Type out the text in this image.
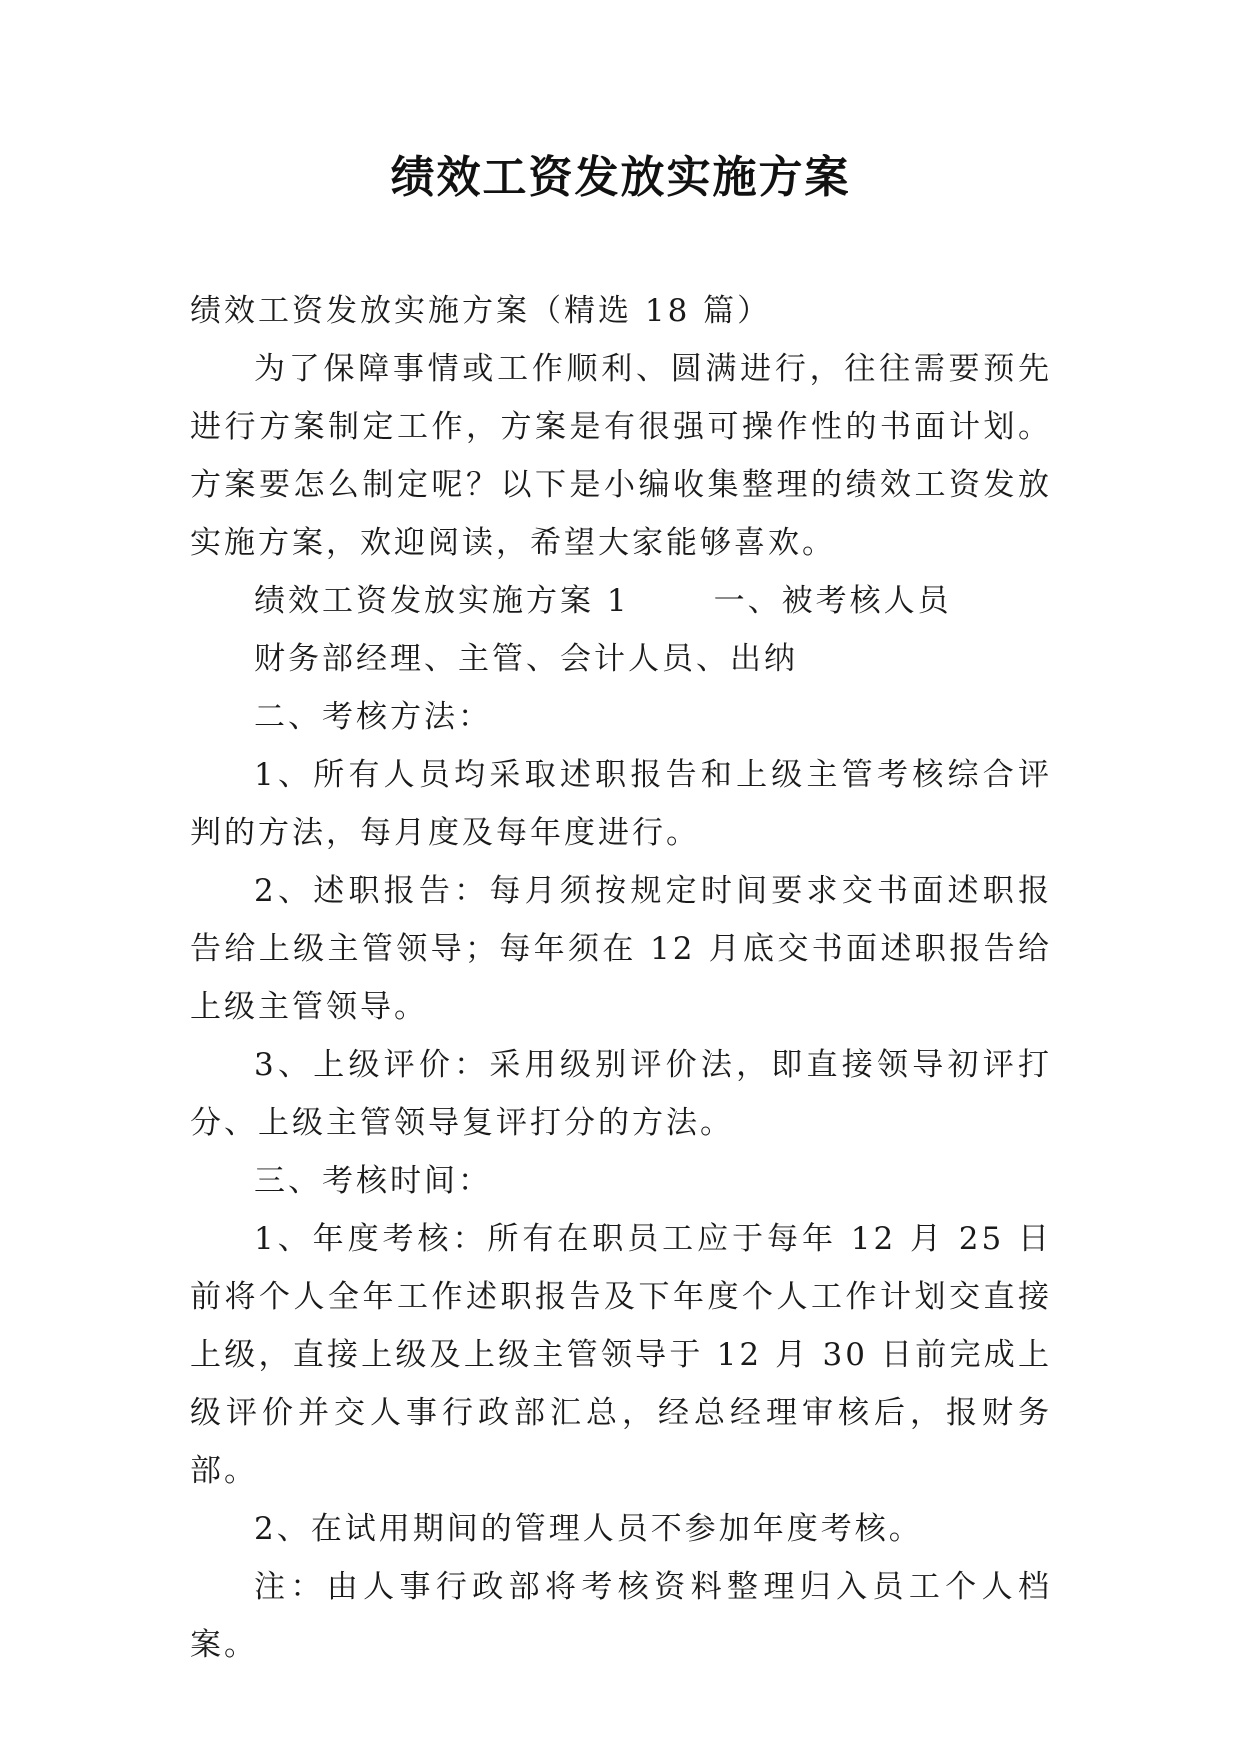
绩效工资发放实施方案

绩效工资发放实施方案（精选 18 篇）

为了保障事情或工作顺利、圆满进行，往往需要预先进行方案制定工作，方案是有很强可操作性的书面计划。方案要怎么制定呢？以下是小编收集整理的绩效工资发放实施方案，欢迎阅读，希望大家能够喜欢。

绩效工资发放实施方案 1	一、被考核人员

财务部经理、主管、会计人员、出纳

二、考核方法：

1、所有人员均采取述职报告和上级主管考核综合评判的方法，每月度及每年度进行。

2、述职报告：每月须按规定时间要求交书面述职报告给上级主管领导；每年须在 12 月底交书面述职报告给上级主管领导。

3、上级评价：采用级别评价法，即直接领导初评打分、上级主管领导复评打分的方法。

三、考核时间：

1、年度考核：所有在职员工应于每年 12 月 25 日前将个人全年工作述职报告及下年度个人工作计划交直接上级，直接上级及上级主管领导于 12 月 30 日前完成上级评价并交人事行政部汇总，经总经理审核后，报财务部。

2、在试用期间的管理人员不参加年度考核。

注：由人事行政部将考核资料整理归入员工个人档案。
